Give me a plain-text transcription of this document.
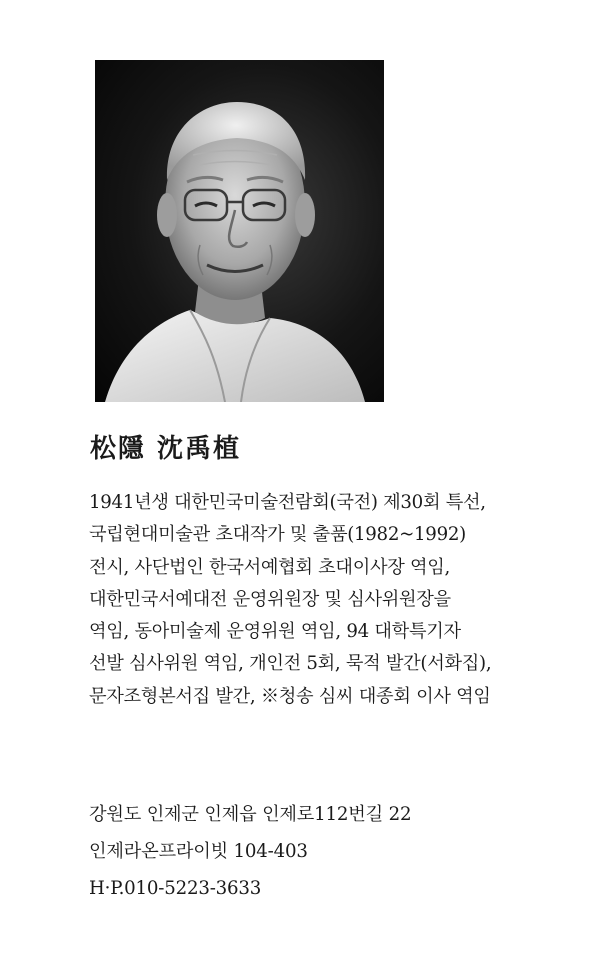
松隱 沈禹植
1941년생 대한민국미술전람회(국전) 제30회 특선,
국립현대미술관 초대작가 및 출품(1982~1992)
전시, 사단법인 한국서예협회 초대이사장 역임,
대한민국서예대전 운영위원장 및 심사위원장을
역임, 동아미술제 운영위원 역임, 94 대학특기자
선발 심사위원 역임, 개인전 5회, 묵적 발간(서화집),
문자조형본서집 발간, ※청송 심씨 대종회 이사 역임
강원도 인제군 인제읍 인제로112번길 22
인제라온프라이빗 104-403
H·P.010-5223-3633
